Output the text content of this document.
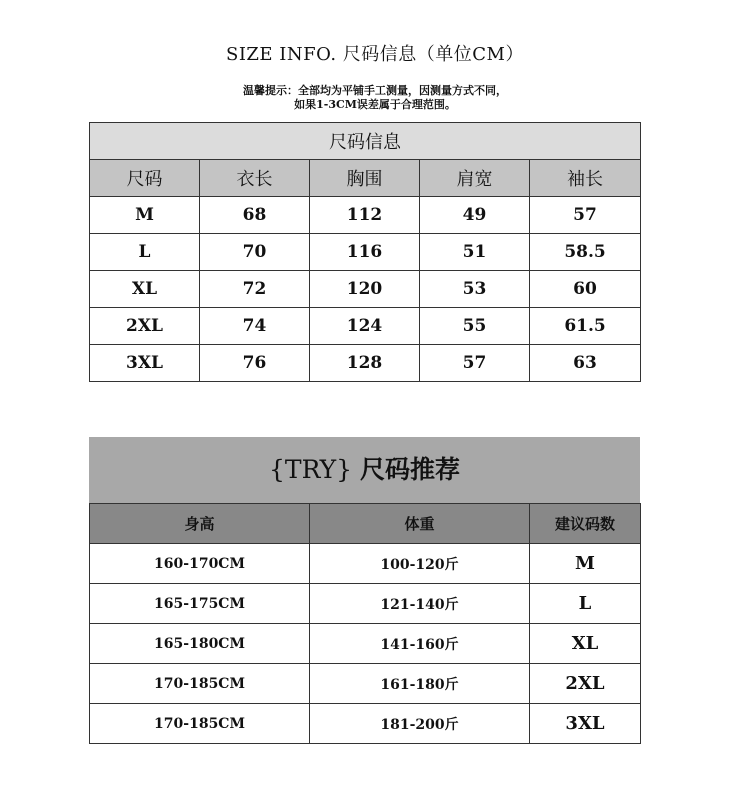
SIZE INFO. 尺码信息（单位CM）
温馨提示：全部均为平铺手工测量，因测量方式不同，
如果1-3CM误差属于合理范围。
尺码信息				
尺码	衣长	胸围	肩宽	袖长
M	68	112	49	57
L	70	116	51	58.5
XL	72	120	53	60
2XL	74	124	55	61.5
3XL	76	128	57	63
{TRY} 尺码推荐
身高	体重	建议码数
160-170CM	100-120斤	M
165-175CM	121-140斤	L
165-180CM	141-160斤	XL
170-185CM	161-180斤	2XL
170-185CM	181-200斤	3XL
